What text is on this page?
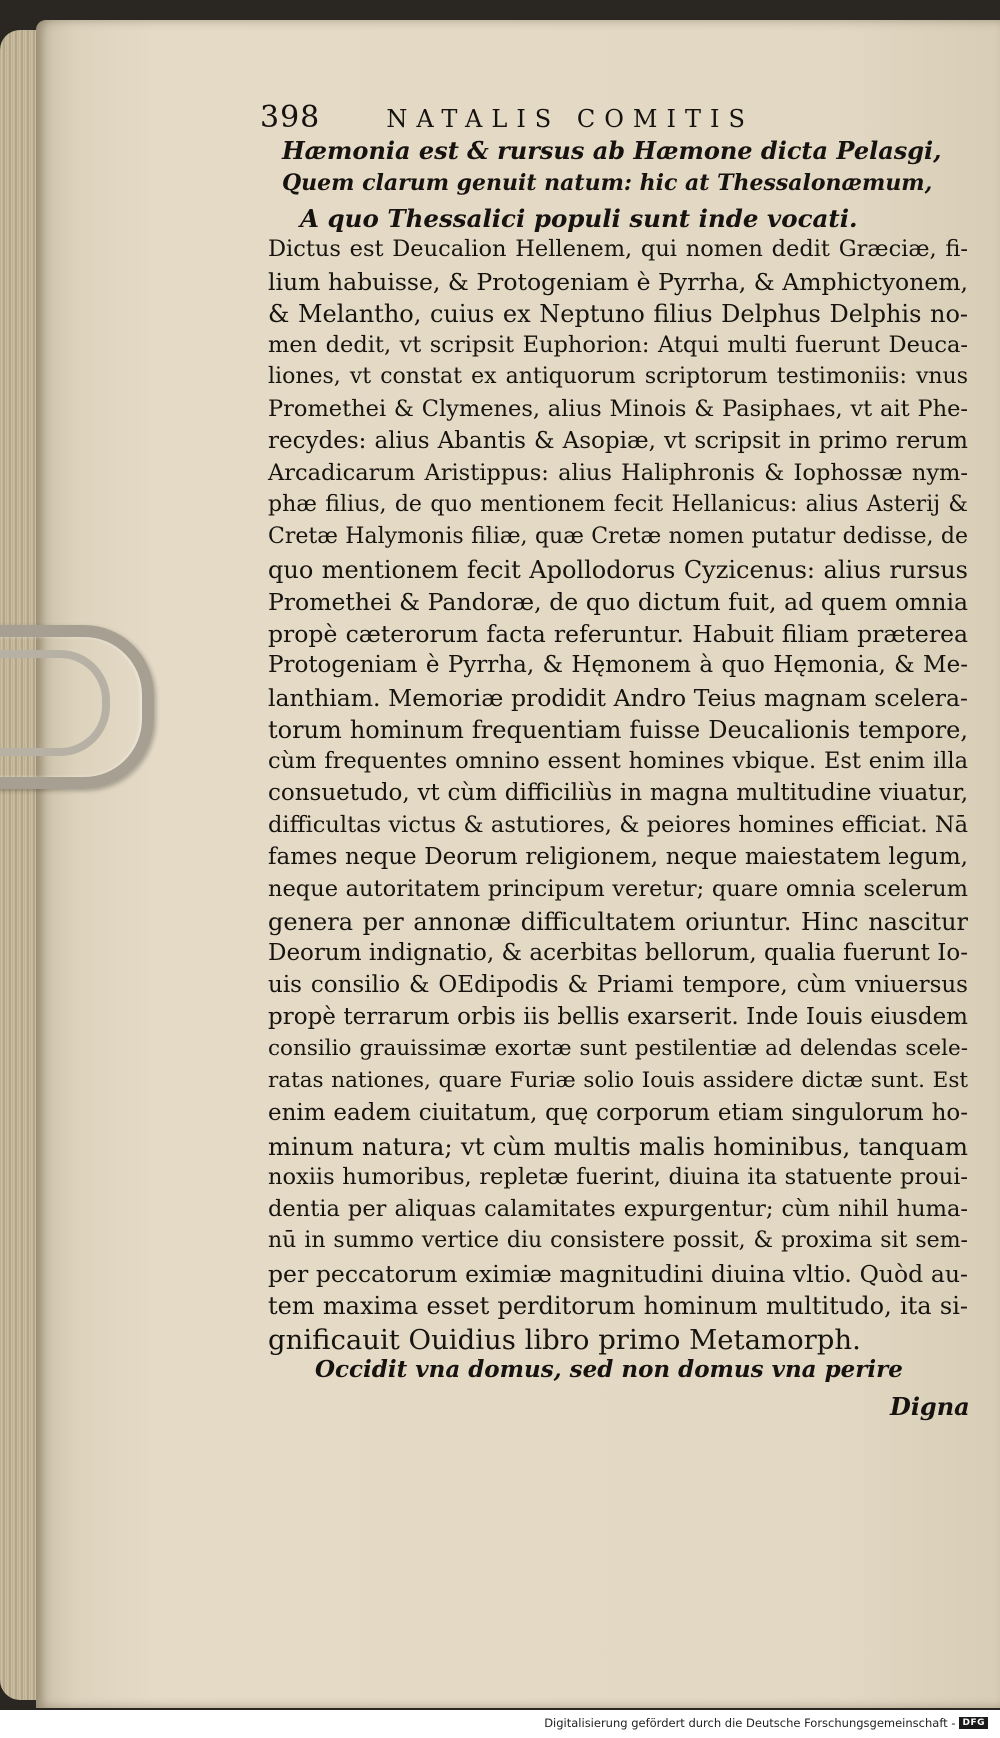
398	NATALIS COMITIS
Hæmonia est & rursus ab Hæmone dicta Pelasgi,
Quem clarum genuit natum: hic at Thessalonæmum,
A quo Thessalici populi sunt inde vocati.
Dictus est Deucalion Hellenem, qui nomen dedit Græciæ, fi-
lium habuisse, & Protogeniam è Pyrrha, & Amphictyonem,
& Melantho, cuius ex Neptuno filius Delphus Delphis no-
men dedit, vt scripsit Euphorion: Atqui multi fuerunt Deuca-
liones, vt constat ex antiquorum scriptorum testimoniis: vnus
Promethei & Clymenes, alius Minois & Pasiphaes, vt ait Phe-
recydes: alius Abantis & Asopiæ, vt scripsit in primo rerum
Arcadicarum Aristippus: alius Haliphronis & Iophossæ nym-
phæ filius, de quo mentionem fecit Hellanicus: alius Asterij &
Cretæ Halymonis filiæ, quæ Cretæ nomen putatur dedisse, de
quo mentionem fecit Apollodorus Cyzicenus: alius rursus
Promethei & Pandoræ, de quo dictum fuit, ad quem omnia
propè cæterorum facta referuntur. Habuit filiam præterea
Protogeniam è Pyrrha, & Hęmonem à quo Hęmonia, & Me-
lanthiam. Memoriæ prodidit Andro Teius magnam scelera-
torum hominum frequentiam fuisse Deucalionis tempore,
cùm frequentes omnino essent homines vbique. Est enim illa
consuetudo, vt cùm difficiliùs in magna multitudine viuatur,
difficultas victus & astutiores, & peiores homines efficiat. Nā
fames neque Deorum religionem, neque maiestatem legum,
neque autoritatem principum veretur; quare omnia scelerum
genera per annonæ difficultatem oriuntur. Hinc nascitur
Deorum indignatio, & acerbitas bellorum, qualia fuerunt Io-
uis consilio & OEdipodis & Priami tempore, cùm vniuersus
propè terrarum orbis iis bellis exarserit. Inde Iouis eiusdem
consilio grauissimæ exortæ sunt pestilentiæ ad delendas scele-
ratas nationes, quare Furiæ solio Iouis assidere dictæ sunt. Est
enim eadem ciuitatum, quę corporum etiam singulorum ho-
minum natura; vt cùm multis malis hominibus, tanquam
noxiis humoribus, repletæ fuerint, diuina ita statuente proui-
dentia per aliquas calamitates expurgentur; cùm nihil huma-
nū in summo vertice diu consistere possit, & proxima sit sem-
per peccatorum eximiæ magnitudini diuina vltio. Quòd au-
tem maxima esset perditorum hominum multitudo, ita si-
gnificauit Ouidius libro primo Metamorph.
Occidit vna domus, sed non domus vna perire
Digna
Digitalisierung gefördert durch die Deutsche Forschungsgemeinschaft - DFG
